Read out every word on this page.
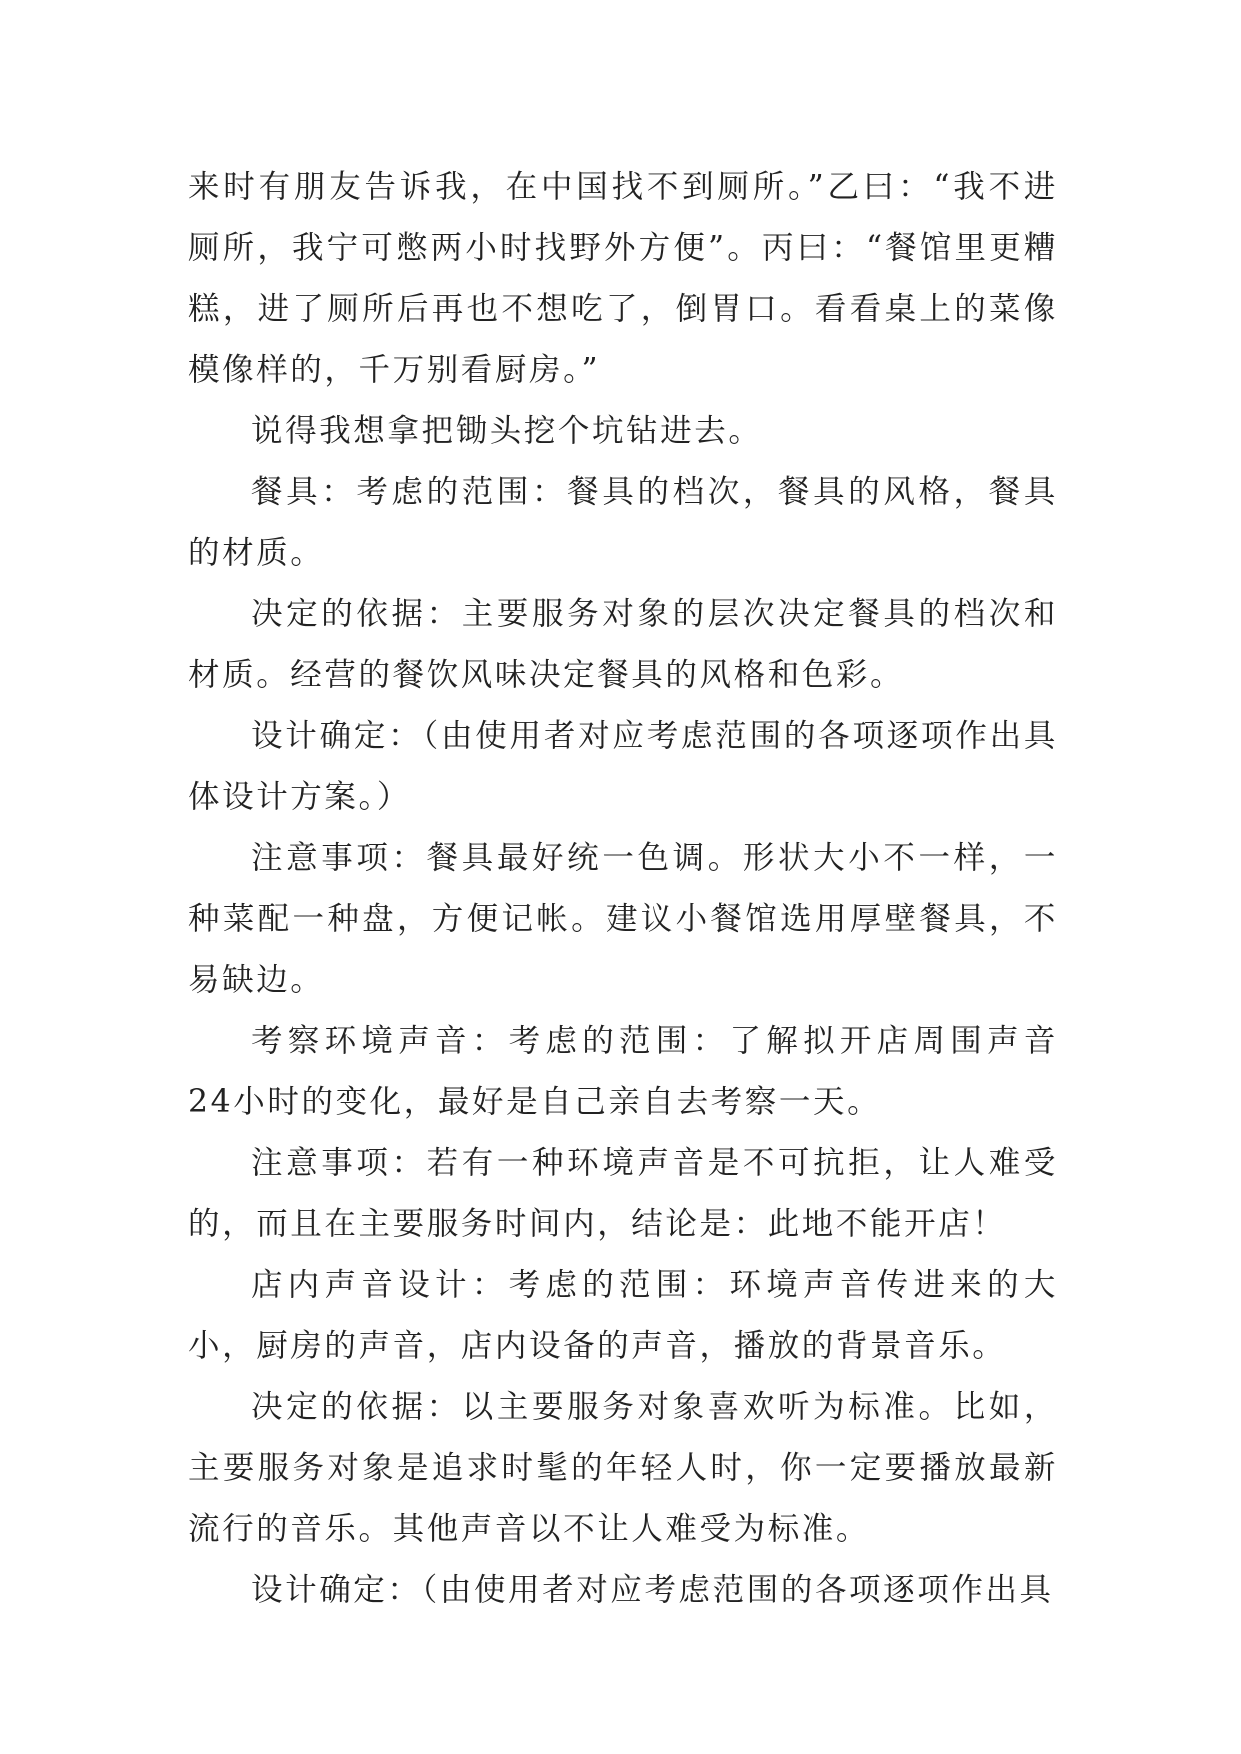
来时有朋友告诉我，在中国找不到厕所。”乙曰：“我不进厕所，我宁可憋两小时找野外方便”。丙曰：“餐馆里更糟糕，进了厕所后再也不想吃了，倒胃口。看看桌上的菜像模像样的，千万别看厨房。”

说得我想拿把锄头挖个坑钻进去。

餐具：考虑的范围：餐具的档次，餐具的风格，餐具的材质。

决定的依据：主要服务对象的层次决定餐具的档次和材质。经营的餐饮风味决定餐具的风格和色彩。

设计确定：（由使用者对应考虑范围的各项逐项作出具体设计方案。）

注意事项：餐具最好统一色调。形状大小不一样，一种菜配一种盘，方便记帐。建议小餐馆选用厚壁餐具，不易缺边。

考察环境声音：考虑的范围：了解拟开店周围声音 24小时的变化，最好是自己亲自去考察一天。

注意事项：若有一种环境声音是不可抗拒，让人难受的，而且在主要服务时间内，结论是：此地不能开店！

店内声音设计：考虑的范围：环境声音传进来的大小，厨房的声音，店内设备的声音，播放的背景音乐。

决定的依据：以主要服务对象喜欢听为标准。比如，主要服务对象是追求时髦的年轻人时，你一定要播放最新流行的音乐。其他声音以不让人难受为标准。

设计确定：（由使用者对应考虑范围的各项逐项作出具
